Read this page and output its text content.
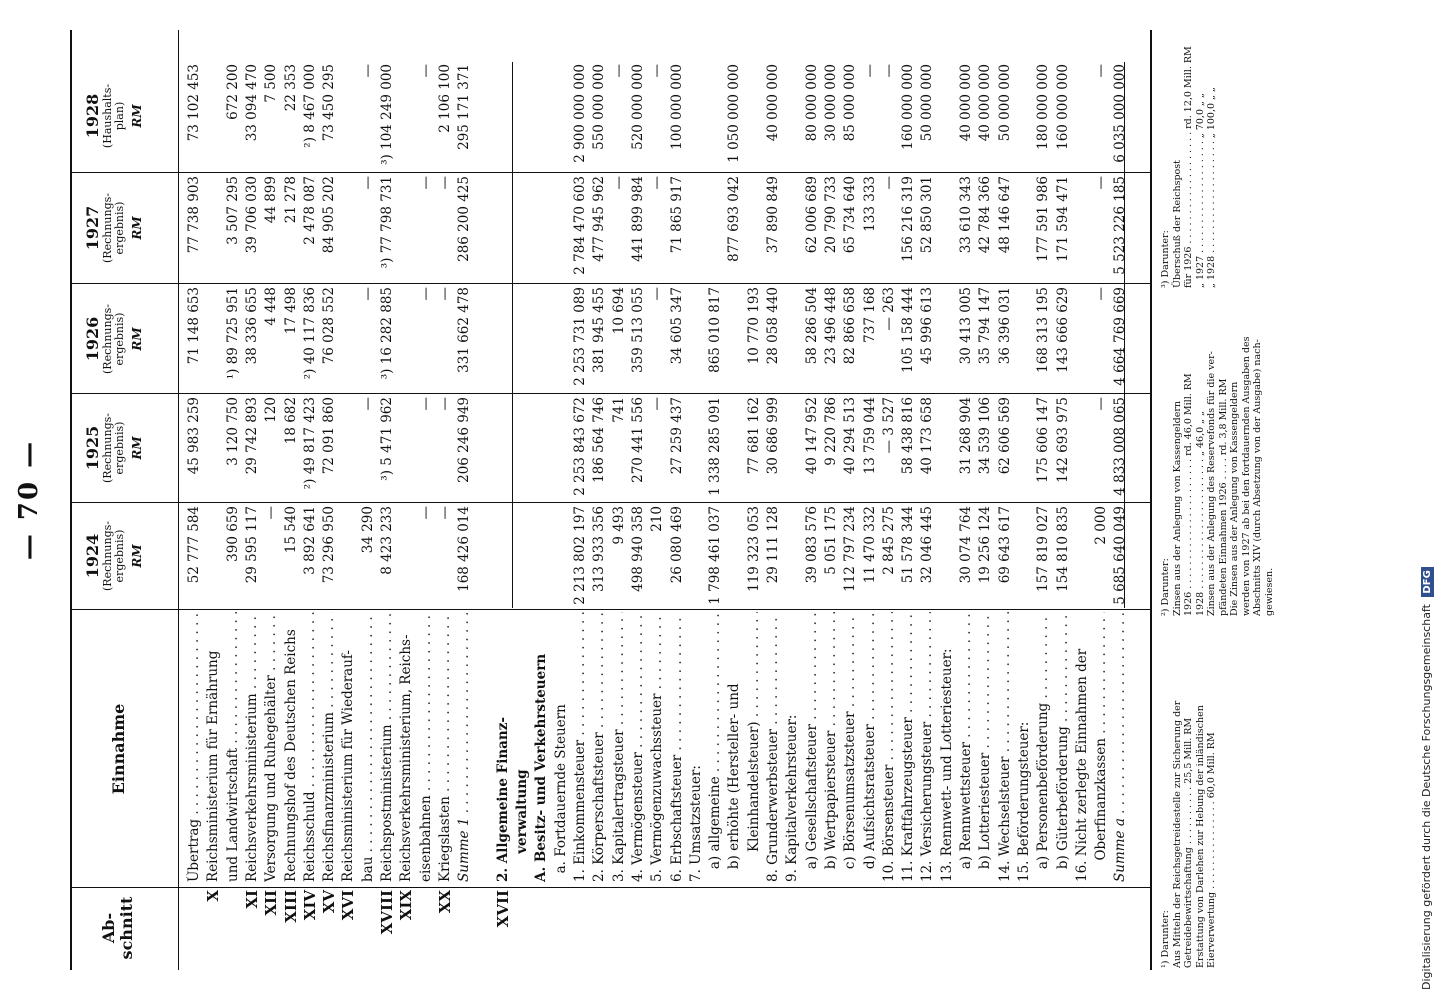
—70—
Ab-
schnitt
Einnahme
1924 (Rechnungs-
ergebnis) RM
1925 (Rechnungs-
ergebnis) RM
1926 (Rechnungs-
ergebnis) RM
1927 (Rechnungs-
ergebnis) RM
1928 (Haushalts-
plan) RM
Übertrag . . .
52 777 584
45 983 259
71 148 653
77 738 903
73 102 453
X
Reichsministerium für Ernährung und Landwirtschaft . . .
390 659
3 120 750
¹) 89 725 951
3 507 295
672 200
XI
Reichsverkehrsministerium . . .
29 595 117
29 742 893
38 336 655
39 706 030
33 094 470
XII
Versorgung und Ruhegehälter . . .
—
120
4 448
44 899
7 500
XIII
Rechnungshof des Deutschen Reichs
15 540
18 682
17 498
21 278
22 353
XIV
Reichsschuld . . .
3 892 641
²) 49 817 423
²) 40 117 836
2 478 087
²) 8 467 000
XV
Reichsfinanzministerium . . .
73 296 950
72 091 860
76 028 552
84 905 202
73 450 295
XVI
Reichsministerium für Wiederauf- bau . . .
34 290
—
—
—
—
XVIII
Reichspostministerium . . .
8 423 233
³) 5 471 962
³) 16 282 885
³) 77 798 731
³) 104 249 000
XIX
Reichsverkehrsministerium, Reichs- eisenbahnen . . .
—
—
—
—
—
XX
Kriegslasten . . .
—
—
—
—
2 106 100
Summe 1 . . .
168 426 014
206 246 949
331 662 478
286 200 425
295 171 371
XVII
2. Allgemeine Finanz- verwaltung A. Besitz- und Verkehrsteuern a. Fortdauernde Steuern 1. Einkommensteuer . . .
2 213 802 197
2 253 843 672
2 253 731 089
2 784 470 603
2 900 000 000
2. Körperschaftsteuer . . .
313 933 356
186 564 746
381 945 455
477 945 962
550 000 000
3. Kapitalertragsteuer . . .
9 493
741
10 694
—
—
4. Vermögensteuer . . .
498 940 358
270 441 556
359 513 055
441 899 984
520 000 000
5. Vermögenzuwachssteuer . . .
210
—
—
—
—
6. Erbschaftsteuer . . .
26 080 469
27 259 437
34 605 347
71 865 917
100 000 000
7. Umsatzsteuer: a) allgemeine . . .
1 798 461 037
1 338 285 091
865 010 817
b) erhöhte (Hersteller- und
877 693 042
1 050 000 000
Kleinhandelsteuer) . . .
119 323 053
77 681 162
10 770 193
8. Grunderwerbsteuer . . .
29 111 128
30 686 999
28 058 440
37 890 849
40 000 000
9. Kapitalverkehrsteuer: a) Gesellschaftsteuer . . .
39 083 576
40 147 952
58 286 504
62 006 689
80 000 000
b) Wertpapiersteuer . . .
5 051 175
9 220 786
23 496 448
20 790 733
30 000 000
c) Börsenumsatzsteuer . . .
112 797 234
40 294 513
82 866 658
65 734 640
85 000 000
d) Aufsichtsratsteuer . . .
11 470 332
13 759 044
737 168
133 333
—
10. Börsensteuer . . .
2 845 275
— 3 527
— 263
—
—
11. Kraftfahrzeugsteuer . . .
51 578 344
58 438 816
105 158 444
156 216 319
160 000 000
12. Versicherungsteuer . . .
32 046 445
40 173 658
45 996 613
52 850 301
50 000 000
13. Rennwett- und Lotteriesteuer: a) Rennwettsteuer . . .
30 074 764
31 268 904
30 413 005
33 610 343
40 000 000
b) Lotteriesteuer . . .
19 256 124
34 539 106
35 794 147
42 784 366
40 000 000
14. Wechselsteuer . . .
69 643 617
62 606 569
36 396 031
48 146 647
50 000 000
15. Beförderungsteuer: a) Personenbeförderung . . .
157 819 027
175 606 147
168 313 195
177 591 986
180 000 000
b) Güterbeförderung . . .
154 810 835
142 693 975
143 666 629
171 594 471
160 000 000
16. Nicht zerlegte Einnahmen der Oberfinanzkassen . . .
2 000
—
—
—
—
Summe a . . .
5 685 640 049
4 833 008 065
4 664 769 669
5 523 226 185
6 035 000 000
¹) Darunter: Aus Mitteln der Reichsgetreidestelle zur Sicherung der Getreidebewirtschaftung . . . . . . . . . . 25,5 Mill. RM Erstattung von Darlehen zur Hebung der inländischen Eierverwertung . . . . . . . . . . . . . . . 60,0 Mill. RM
²) Darunter: Zinsen aus der Anlegung von Kassengeldern 1926 . . . . . . . . . . . . . . . . . . . . . . rd. 46,0 Mill. RM 1928 . . . . . . . . . . . . . . . . . . . . . . „ 46,0 „ „ Zinsen aus der Anlegung des Reservefonds für die ver- pfändeten Einnahmen 1926 . . . . rd. 3,8 Mill. RM Die Zinsen aus der Anlegung von Kassengeldern werden von 1927 ab bei den fortdauernden Ausgaben des Abschnitts XIV (durch Absetzung von der Ausgabe) nach- gewiesen.
³) Darunter: Überschuß der Reichspost für 1926 . . . . . . . . . . . . . . . . . . . rd. 12,0 Mill. RM „ 1927 . . . . . . . . . . . . . . . . . . . „ 70,0 „ „ „ 1928 . . . . . . . . . . . . . . . . . . . „ 100,0 „ „
Digitalisierung gefördert durch die Deutsche Forschungsgemeinschaft DFG
